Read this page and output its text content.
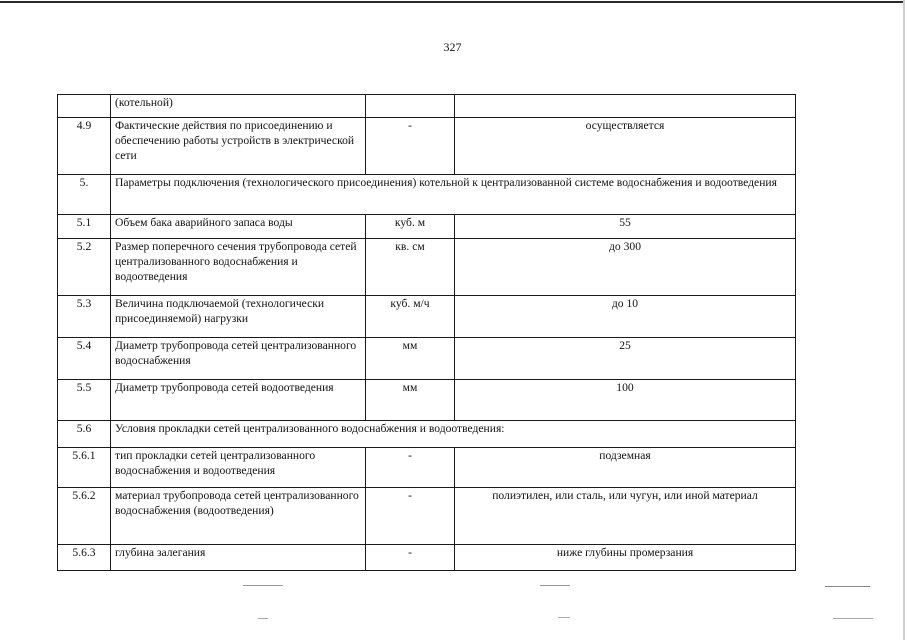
327
	(котельной)		
4.9	Фактические действия по присоединению и обеспечению работы устройств в электрической сети	-	осуществляется
5.	Параметры подключения (технологического присоединения) котельной к централизованной системе водоснабжения и водоотведения		
5.1	Объем бака аварийного запаса воды	куб. м	55
5.2	Размер поперечного сечения трубопровода сетей централизованного водоснабжения и водоотведения	кв. см	до 300
5.3	Величина подключаемой (технологически присоединяемой) нагрузки	куб. м/ч	до 10
5.4	Диаметр трубопровода сетей централизованного водоснабжения	мм	25
5.5	Диаметр трубопровода сетей водоотведения	мм	100
5.6	Условия прокладки сетей централизованного водоснабжения и водоотведения:		
5.6.1	тип прокладки сетей централизованного водоснабжения и водоотведения	-	подземная
5.6.2	материал трубопровода сетей централизованного водоснабжения (водоотведения)	-	полиэтилен, или сталь, или чугун, или иной материал
5.6.3	глубина залегания	-	ниже глубины промерзания
